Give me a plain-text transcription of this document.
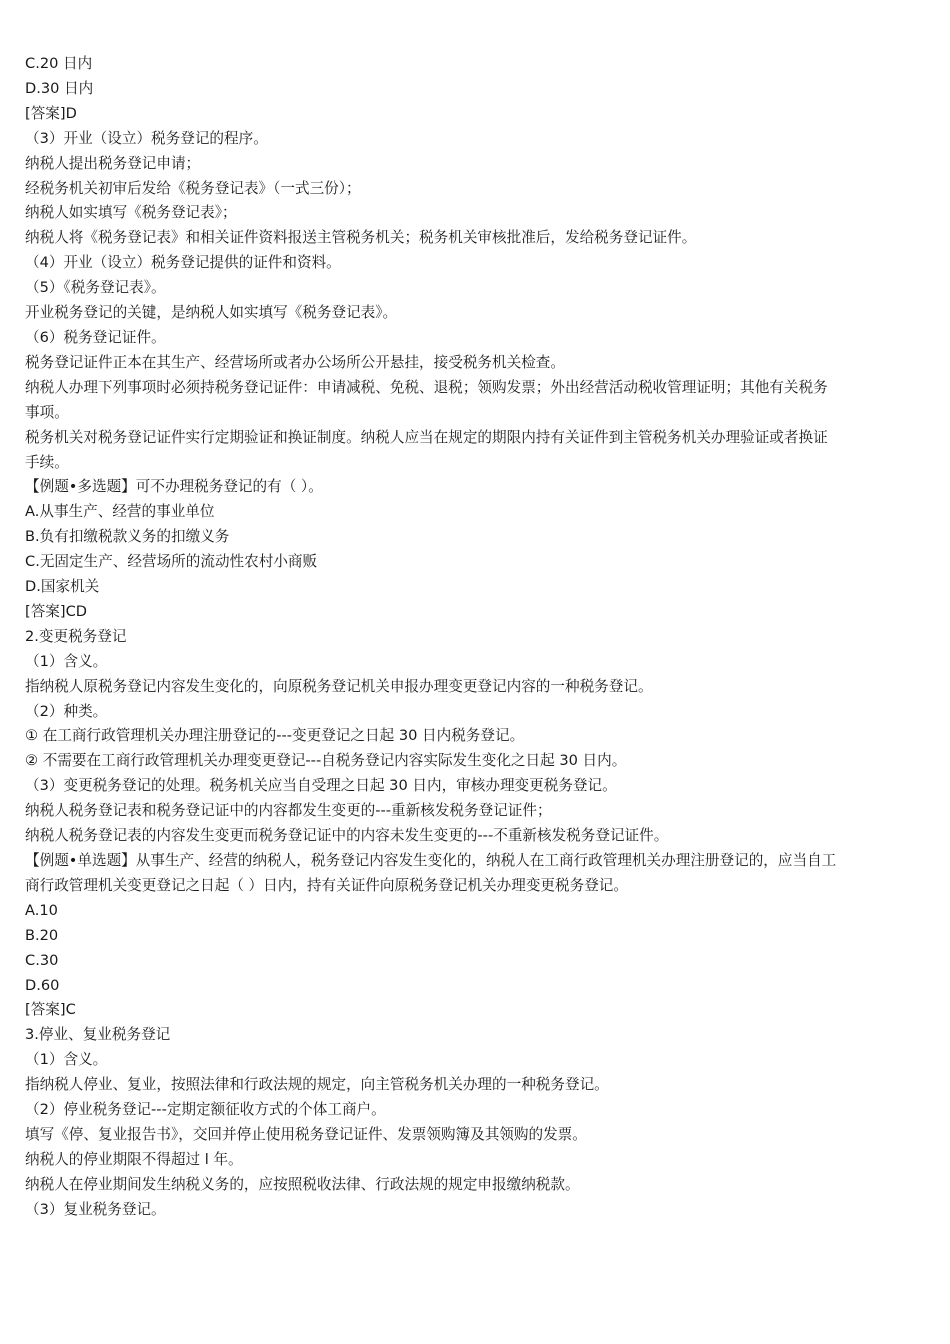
C.20 日内

D.30 日内

[答案]D

（3）开业（设立）税务登记的程序。

纳税人提出税务登记申请；

经税务机关初审后发给《税务登记表》（一式三份）；

纳税人如实填写《税务登记表》；

纳税人将《税务登记表》和相关证件资料报送主管税务机关；税务机关审核批准后，发给税务登记证件。

（4）开业（设立）税务登记提供的证件和资料。

（5）《税务登记表》。

开业税务登记的关键，是纳税人如实填写《税务登记表》。

（6）税务登记证件。

税务登记证件正本在其生产、经营场所或者办公场所公开悬挂，接受税务机关检查。

纳税人办理下列事项时必须持税务登记证件：申请减税、免税、退税；领购发票；外出经营活动税收管理证明；其他有关税务

事项。

税务机关对税务登记证件实行定期验证和换证制度。纳税人应当在规定的期限内持有关证件到主管税务机关办理验证或者换证

手续。

【例题•多选题】可不办理税务登记的有（ ）。

A.从事生产、经营的事业单位

B.负有扣缴税款义务的扣缴义务

C.无固定生产、经营场所的流动性农村小商贩

D.国家机关

[答案]CD

2.变更税务登记

（1）含义。

指纳税人原税务登记内容发生变化的，向原税务登记机关申报办理变更登记内容的一种税务登记。

（2）种类。

① 在工商行政管理机关办理注册登记的---变更登记之日起 30 日内税务登记。

② 不需要在工商行政管理机关办理变更登记---自税务登记内容实际发生变化之日起 30 日内。

（3）变更税务登记的处理。税务机关应当自受理之日起 30 日内，审核办理变更税务登记。

纳税人税务登记表和税务登记证中的内容都发生变更的---重新核发税务登记证件；

纳税人税务登记表的内容发生变更而税务登记证中的内容未发生变更的---不重新核发税务登记证件。

【例题•单选题】从事生产、经营的纳税人，税务登记内容发生变化的，纳税人在工商行政管理机关办理注册登记的，应当自工

商行政管理机关变更登记之日起（ ）日内，持有关证件向原税务登记机关办理变更税务登记。

A.10

B.20

C.30

D.60

[答案]C

3.停业、复业税务登记

（1）含义。

指纳税人停业、复业，按照法律和行政法规的规定，向主管税务机关办理的一种税务登记。

（2）停业税务登记---定期定额征收方式的个体工商户。

填写《停、复业报告书》，交回并停止使用税务登记证件、发票领购簿及其领购的发票。

纳税人的停业期限不得超过 l 年。

纳税人在停业期间发生纳税义务的，应按照税收法律、行政法规的规定申报缴纳税款。

（3）复业税务登记。
